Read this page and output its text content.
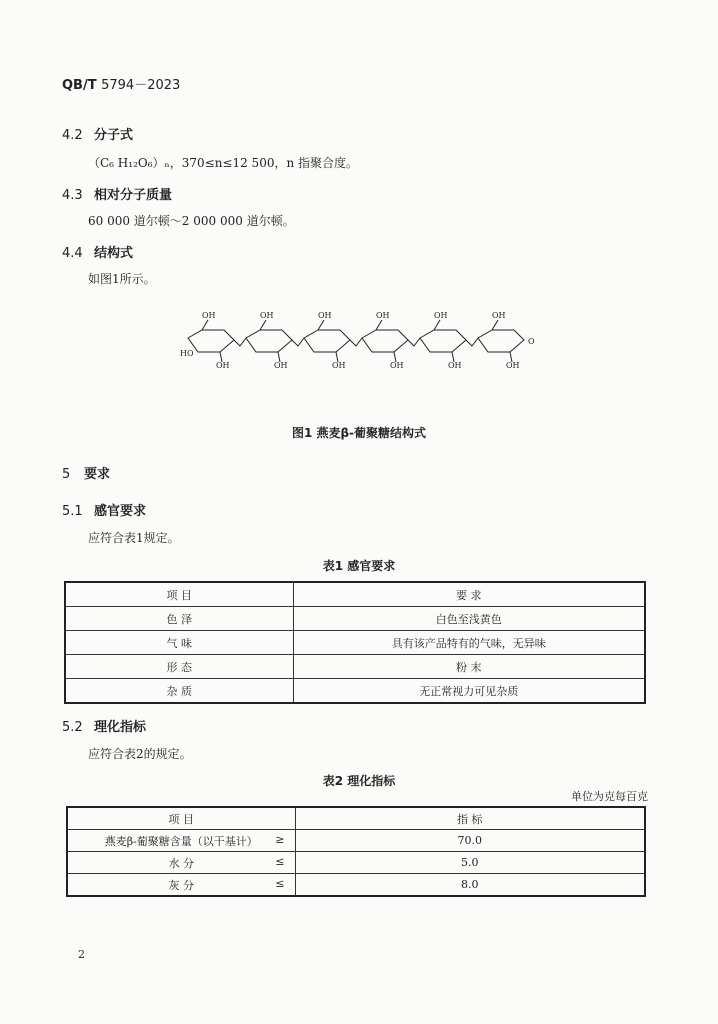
QB/T 5794－2023
4.2 分子式
（C₆ H₁₂O₆）ₙ，370≤n≤12 500，n 指聚合度。
4.3 相对分子质量
60 000 道尔顿～2 000 000 道尔顿。
4.4 结构式
如图1所示。
OH
OH
HO
OH
OH
OH
OH
OH
OH
OH
OH
OH
OH
O
图1 燕麦β-葡聚糖结构式
5 要求
5.1 感官要求
应符合表1规定。
表1 感官要求
项 目	要 求
色 泽	白色至浅黄色
气 味	具有该产品特有的气味，无异味
形 态	粉 末
杂 质	无正常视力可见杂质
5.2 理化指标
应符合表2的规定。
表2 理化指标
单位为克每百克
项 目	指 标
燕麦β-葡聚糖含量（以干基计） ≥	70.0
水 分 ≤	5.0
灰 分 ≤	8.0
2
